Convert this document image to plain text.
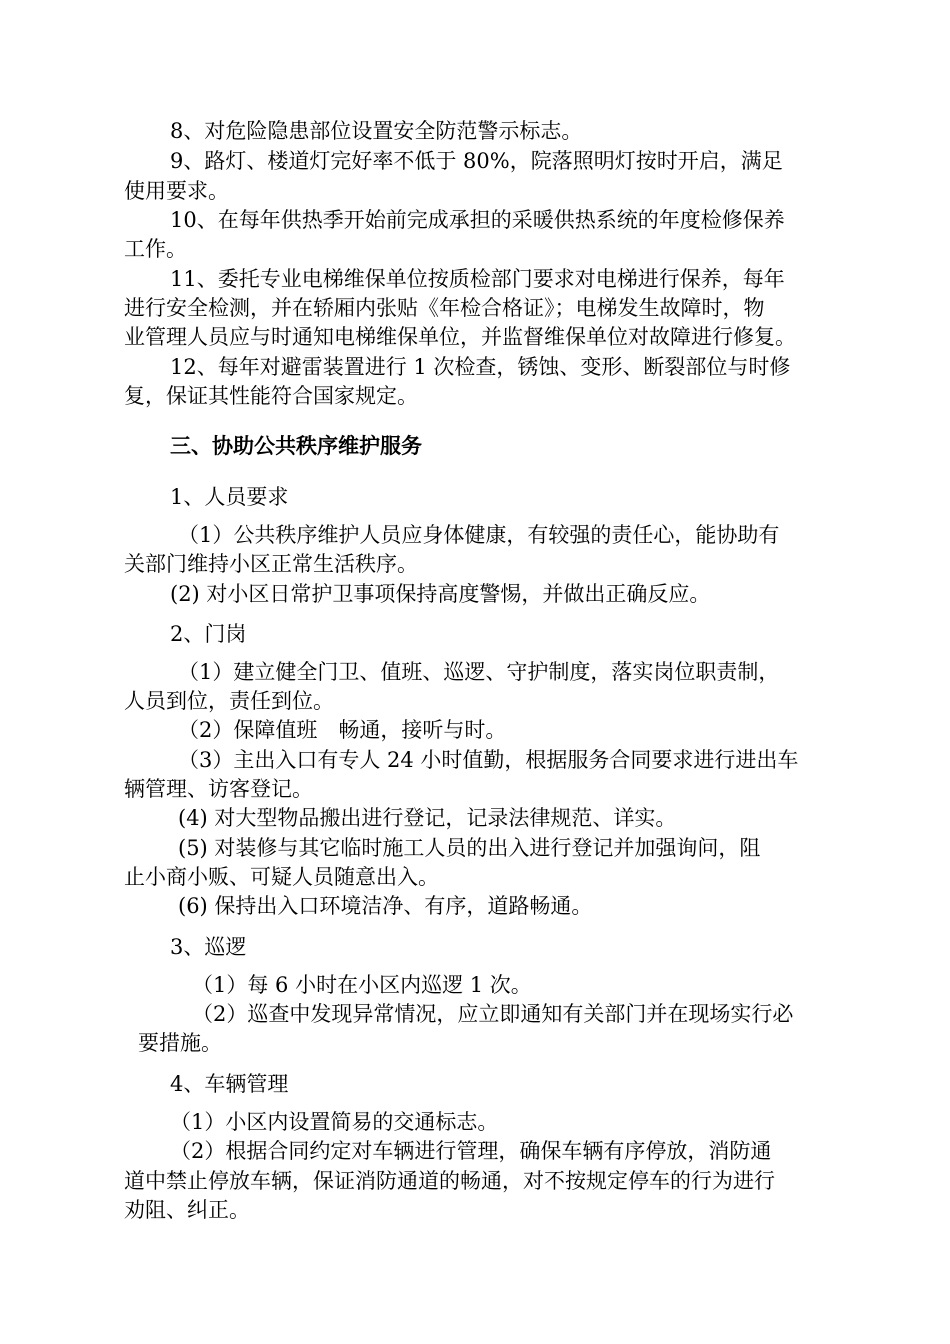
8、对危险隐患部位设置安全防范警示标志。
9、路灯、楼道灯完好率不低于 80%，院落照明灯按时开启，满足
使用要求。
10、在每年供热季开始前完成承担的采暖供热系统的年度检修保养
工作。
11、委托专业电梯维保单位按质检部门要求对电梯进行保养，每年
进行安全检测，并在轿厢内张贴《年检合格证》；电梯发生故障时，物
业管理人员应与时通知电梯维保单位，并监督维保单位对故障进行修复。
12、每年对避雷装置进行 1 次检查，锈蚀、变形、断裂部位与时修
复，保证其性能符合国家规定。
三、协助公共秩序维护服务
1、人员要求
（1）公共秩序维护人员应身体健康，有较强的责任心，能协助有
关部门维持小区正常生活秩序。
(2) 对小区日常护卫事项保持高度警惕，并做出正确反应。
2、门岗
（1）建立健全门卫、值班、巡逻、守护制度，落实岗位职责制，
人员到位，责任到位。
（2）保障值班　畅通，接听与时。
（3）主出入口有专人 24 小时值勤，根据服务合同要求进行进出车
辆管理、访客登记。
(4) 对大型物品搬出进行登记，记录法律规范、详实。
(5) 对装修与其它临时施工人员的出入进行登记并加强询问，阻
止小商小贩、可疑人员随意出入。
(6) 保持出入口环境洁净、有序，道路畅通。
3、巡逻
（1）每 6 小时在小区内巡逻 1 次。
（2）巡查中发现异常情况，应立即通知有关部门并在现场实行必
要措施。
4、车辆管理
（1）小区内设置简易的交通标志。
（2）根据合同约定对车辆进行管理，确保车辆有序停放，消防通
道中禁止停放车辆，保证消防通道的畅通，对不按规定停车的行为进行
劝阻、纠正。
